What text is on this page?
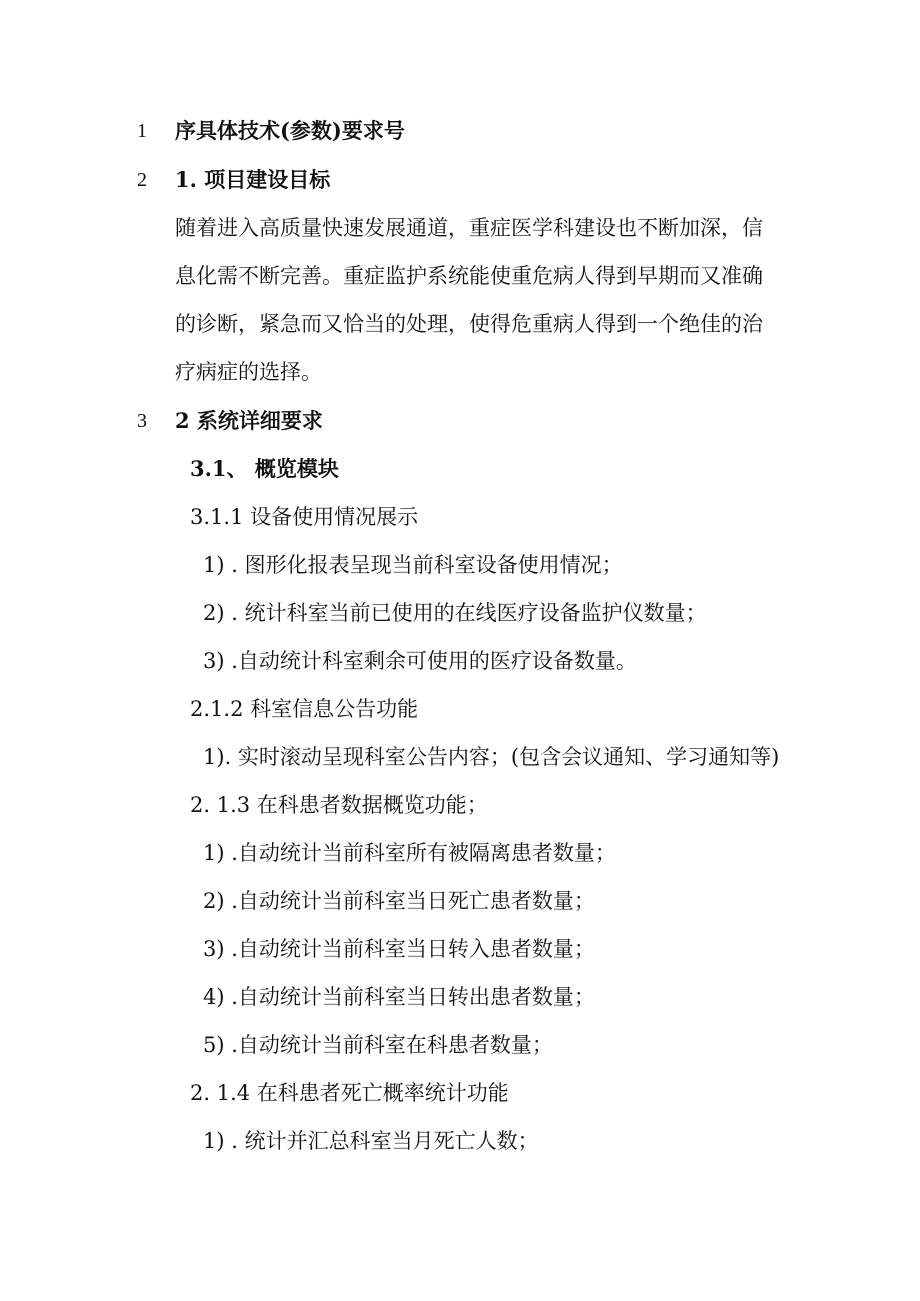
1 序具体技术(参数)要求号
2 1. 项目建设目标
随着进入高质量快速发展通道，重症医学科建设也不断加深，信
息化需不断完善。重症监护系统能使重危病人得到早期而又准确
的诊断，紧急而又恰当的处理，使得危重病人得到一个绝佳的治
疗病症的选择。
3 2 系统详细要求
3.1、 概览模块
3.1.1 设备使用情况展示
1) . 图形化报表呈现当前科室设备使用情况；
2) . 统计科室当前已使用的在线医疗设备监护仪数量；
3) .自动统计科室剩余可使用的医疗设备数量。
2.1.2 科室信息公告功能
1). 实时滚动呈现科室公告内容；(包含会议通知、学习通知等)
2. 1.3 在科患者数据概览功能；
1) .自动统计当前科室所有被隔离患者数量；
2) .自动统计当前科室当日死亡患者数量；
3) .自动统计当前科室当日转入患者数量；
4) .自动统计当前科室当日转出患者数量；
5) .自动统计当前科室在科患者数量；
2. 1.4 在科患者死亡概率统计功能
1) . 统计并汇总科室当月死亡人数；
